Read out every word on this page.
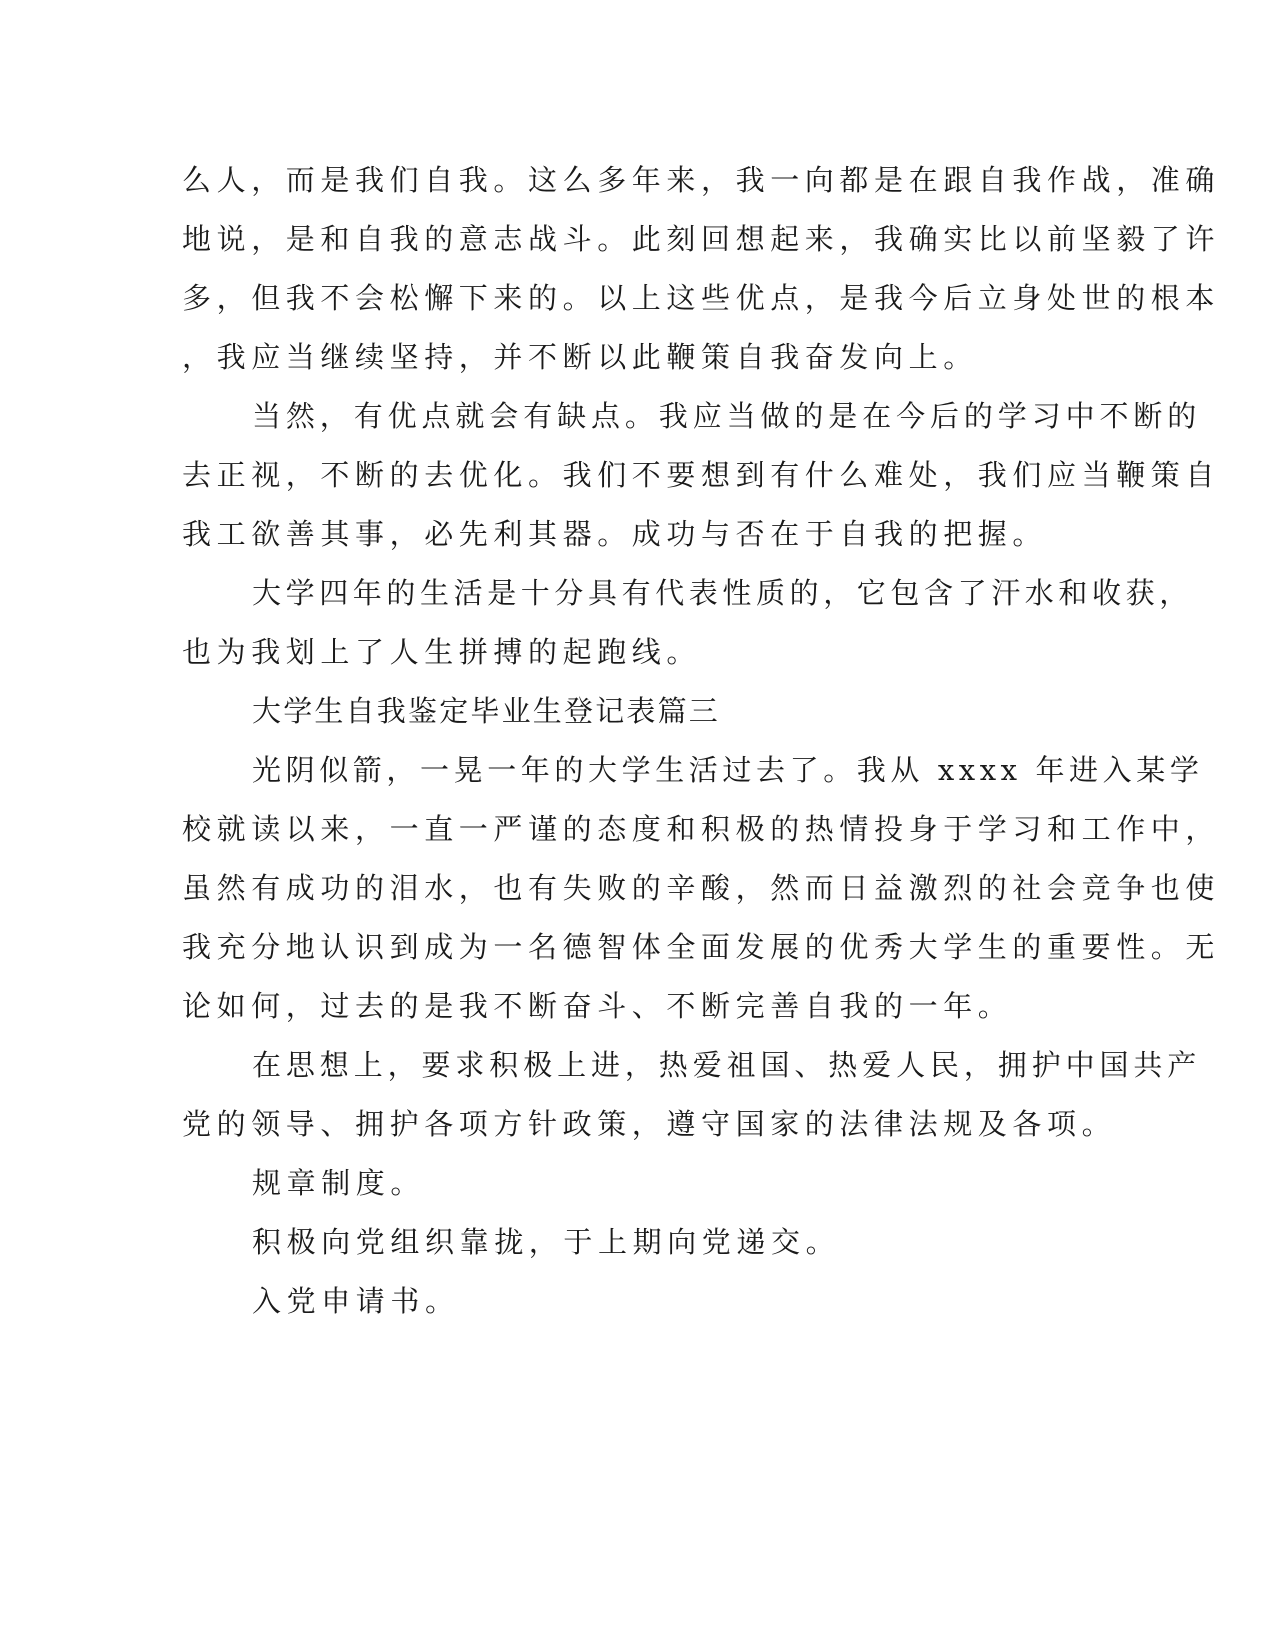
么人，而是我们自我。这么多年来，我一向都是在跟自我作战，准确
地说，是和自我的意志战斗。此刻回想起来，我确实比以前坚毅了许
多，但我不会松懈下来的。以上这些优点，是我今后立身处世的根本
，我应当继续坚持，并不断以此鞭策自我奋发向上。
当然，有优点就会有缺点。我应当做的是在今后的学习中不断的
去正视，不断的去优化。我们不要想到有什么难处，我们应当鞭策自
我工欲善其事，必先利其器。成功与否在于自我的把握。
大学四年的生活是十分具有代表性质的，它包含了汗水和收获，
也为我划上了人生拼搏的起跑线。
大学生自我鉴定毕业生登记表篇三
光阴似箭，一晃一年的大学生活过去了。我从 xxxx 年进入某学
校就读以来，一直一严谨的态度和积极的热情投身于学习和工作中，
虽然有成功的泪水，也有失败的辛酸，然而日益激烈的社会竞争也使
我充分地认识到成为一名德智体全面发展的优秀大学生的重要性。无
论如何，过去的是我不断奋斗、不断完善自我的一年。
在思想上，要求积极上进，热爱祖国、热爱人民，拥护中国共产
党的领导、拥护各项方针政策，遵守国家的法律法规及各项。
规章制度。
积极向党组织靠拢，于上期向党递交。
入党申请书。
